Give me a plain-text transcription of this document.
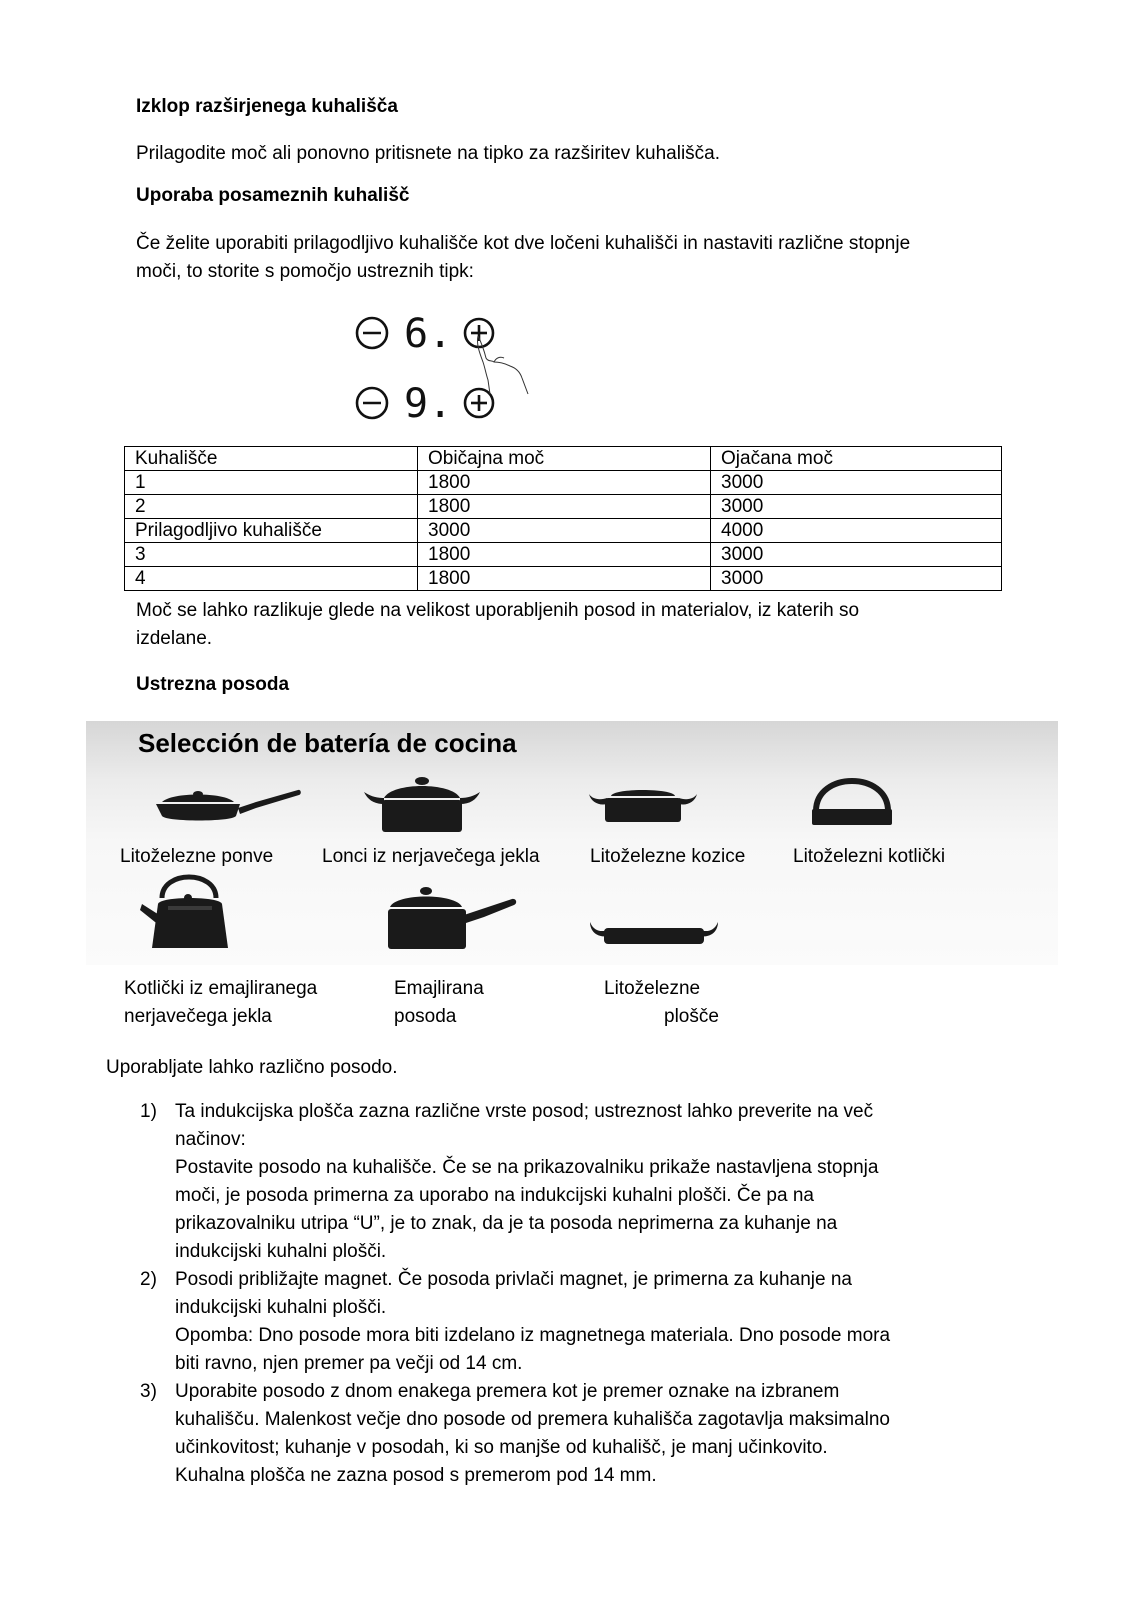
Izklop razširjenega kuhališča
Prilagodite moč ali ponovno pritisnete na tipko za razširitev kuhališča.
Uporaba posameznih kuhališč
Če želite uporabiti prilagodljivo kuhališče kot dve ločeni kuhališči in nastaviti različne stopnje
moči, to storite s pomočjo ustreznih tipk:
6.
9.
Kuhališče	Običajna moč	Ojačana moč
1	1800	3000
2	1800	3000
Prilagodljivo kuhališče	3000	4000
3	1800	3000
4	1800	3000
Moč se lahko razlikuje glede na velikost uporabljenih posod in materialov, iz katerih so
izdelane.
Ustrezna posoda
Selección de batería de cocina
Litoželezne ponve	Lonci iz nerjavečega jekla	Litoželezne kozice	Litoželezni kotlički
Kotlički iz emajliranega
nerjavečega jekla
Emajlirana
posoda
Litoželezne
plošče
Uporabljate lahko različno posodo.
1) Ta indukcijska plošča zazna različne vrste posod; ustreznost lahko preverite na več
načinov:
Postavite posodo na kuhališče. Če se na prikazovalniku prikaže nastavljena stopnja
moči, je posoda primerna za uporabo na indukcijski kuhalni plošči. Če pa na
prikazovalniku utripa “U”, je to znak, da je ta posoda neprimerna za kuhanje na
indukcijski kuhalni plošči.
2) Posodi približajte magnet. Če posoda privlači magnet, je primerna za kuhanje na
indukcijski kuhalni plošči.
Opomba: Dno posode mora biti izdelano iz magnetnega materiala. Dno posode mora
biti ravno, njen premer pa večji od 14 cm.
3) Uporabite posodo z dnom enakega premera kot je premer oznake na izbranem
kuhališču. Malenkost večje dno posode od premera kuhališča zagotavlja maksimalno
učinkovitost; kuhanje v posodah, ki so manjše od kuhališč, je manj učinkovito.
Kuhalna plošča ne zazna posod s premerom pod 14 mm.
